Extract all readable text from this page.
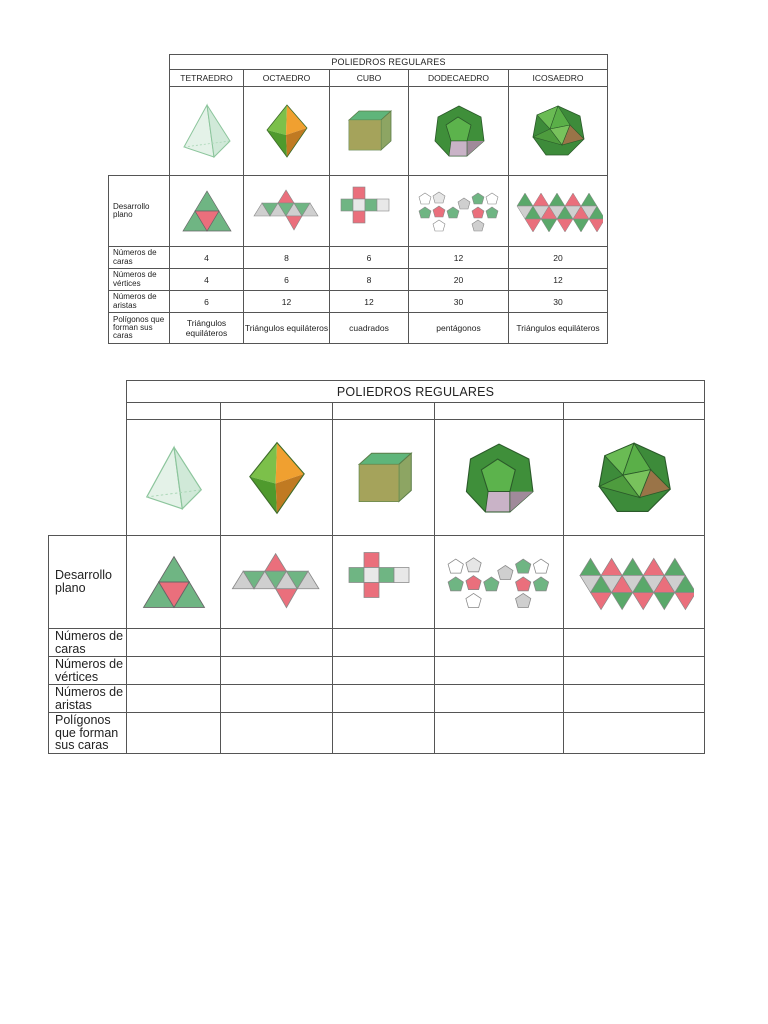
	POLIEDROS REGULARES				
	TETRAEDRO	OCTAEDRO	CUBO	DODECAEDRO	ICOSAEDRO

Desarrollo plano	

Números de caras	4	8	6	12	20
Números de vértices	4	6	8	20	12
Números de aristas	6	12	12	30	30
Polígonos que forman sus caras	Triángulos equiláteros	Triángulos equiláteros	cuadrados	pentágonos	Triángulos equiláteros
	POLIEDROS REGULARES				

Desarrollo plano	

Números de caras					
Números de vértices					
Números de aristas					
Polígonos que forman sus caras					
